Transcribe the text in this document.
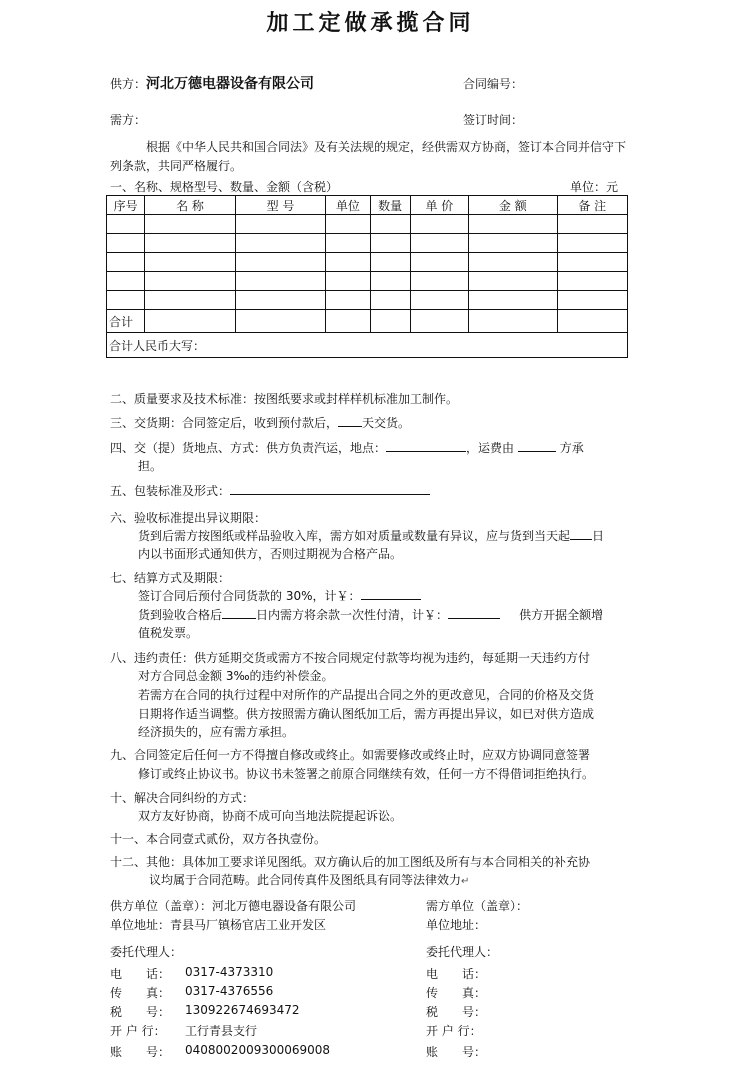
加工定做承揽合同
供方：河北万德电器设备有限公司	合同编号：
需方：	签订时间：
根据《中华人民共和国合同法》及有关法规的规定，经供需双方协商，签订本合同并信守下列条款，共同严格履行。
一、名称、规格型号、数量、金额（含税）	单位：元
序号	名 称	型 号	单位	数量	单 价	金 额	备 注

合计							
合计人民币大写：							
二、质量要求及技术标准：按图纸要求或封样样机标准加工制作。
三、交货期：合同签定后，收到预付款后， 天交货。
四、交（提）货地点、方式：供方负责汽运，地点：	，运费由	方承
担。
五、包装标准及形式：
六、验收标准提出异议期限：
货到后需方按图纸或样品验收入库，需方如对质量或数量有异议，应与货到当天起 日
内以书面形式通知供方，否则过期视为合格产品。
七、结算方式及期限：
签订合同后预付合同货款的 30%，计￥：
货到验收合格后	日内需方将余款一次性付清，计￥：	供方开据全额增
值税发票。
八、违约责任：供方延期交货或需方不按合同规定付款等均视为违约，每延期一天违约方付
对方合同总金额 3‰的违约补偿金。
若需方在合同的执行过程中对所作的产品提出合同之外的更改意见，合同的价格及交货
日期将作适当调整。供方按照需方确认图纸加工后，需方再提出异议，如已对供方造成
经济损失的，应有需方承担。
九、合同签定后任何一方不得擅自修改或终止。如需要修改或终止时，应双方协调同意签署
修订或终止协议书。协议书未签署之前原合同继续有效，任何一方不得借词拒绝执行。
十、解决合同纠纷的方式：
双方友好协商，协商不成可向当地法院提起诉讼。
十一、本合同壹式贰份，双方各执壹份。
十二、其他：具体加工要求详见图纸。双方确认后的加工图纸及所有与本合同相关的补充协
议均属于合同范畴。此合同传真件及图纸具有同等法律效力↵
供方单位（盖章）：河北万德电器设备有限公司	需方单位（盖章）：
单位地址：青县马厂镇杨官店工业开发区	单位地址：
委托代理人：	委托代理人：
电　　话： 0317-4373310	电　　话：
传　　真： 0317-4376556	传　　真：
税　　号： 130922674693472	税　　号：
开 户 行： 工行青县支行	开 户 行：
账　　号： 0408002009300069008	账　　号：
